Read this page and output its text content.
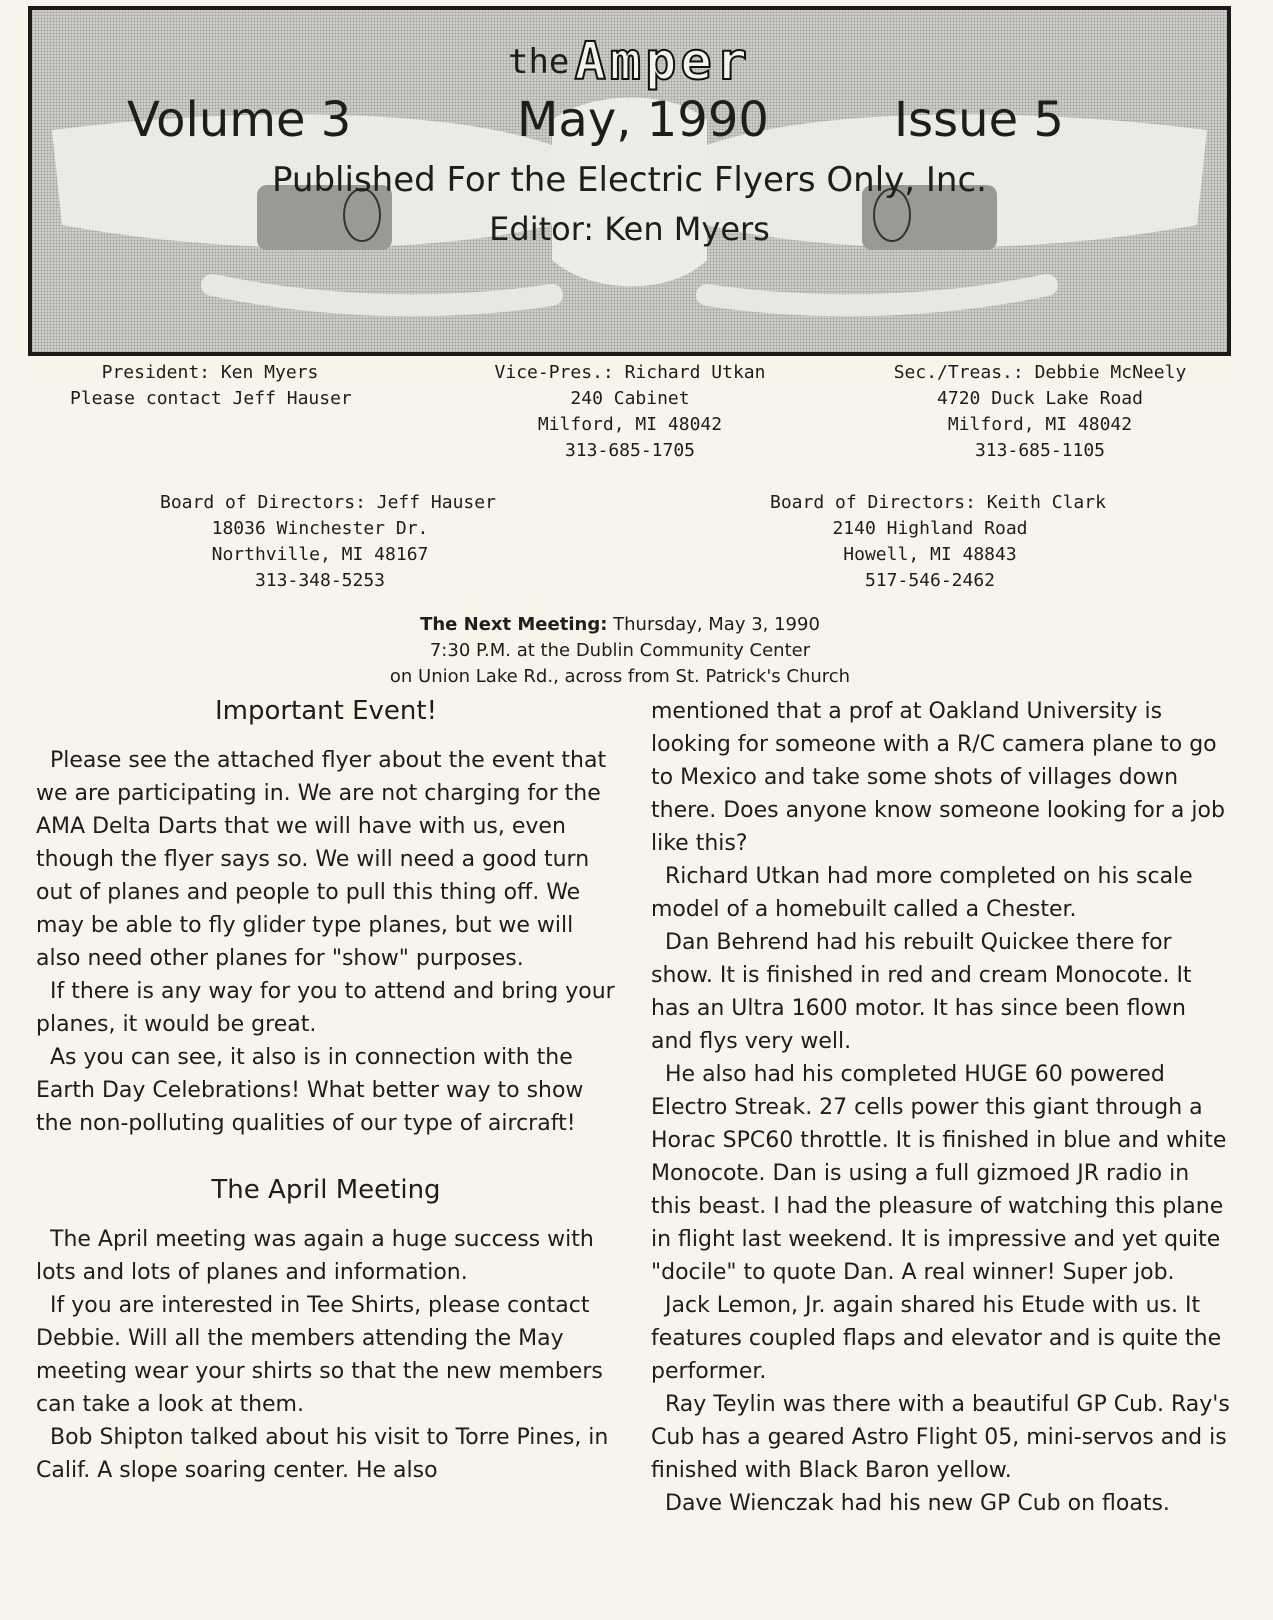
the Amper
Volume 3	May, 1990	Issue 5
Published For the Electric Flyers Only, Inc.
Editor: Ken Myers
President: Ken Myers
Please contact Jeff Hauser
Vice-Pres.: Richard Utkan
240 Cabinet
Milford, MI 48042
313-685-1705
Sec./Treas.: Debbie McNeely
4720 Duck Lake Road
Milford, MI 48042
313-685-1105
Board of Directors: Jeff Hauser
18036 Winchester Dr.
Northville, MI 48167
313-348-5253
Board of Directors: Keith Clark
2140 Highland Road
Howell, MI 48843
517-546-2462
The Next Meeting: Thursday, May 3, 1990
7:30 P.M. at the Dublin Community Center
on Union Lake Rd., across from St. Patrick's Church
Important Event!

Please see the attached flyer about the event that we are participating in. We are not charging for the AMA Delta Darts that we will have with us, even though the flyer says so. We will need a good turn out of planes and people to pull this thing off. We may be able to fly glider type planes, but we will also need other planes for "show" purposes.

If there is any way for you to attend and bring your planes, it would be great.

As you can see, it also is in connection with the Earth Day Celebrations! What better way to show the non-polluting qualities of our type of aircraft!

The April Meeting

The April meeting was again a huge success with lots and lots of planes and information.

If you are interested in Tee Shirts, please contact Debbie. Will all the members attending the May meeting wear your shirts so that the new members can take a look at them.

Bob Shipton talked about his visit to Torre Pines, in Calif. A slope soaring center. He also

mentioned that a prof at Oakland University is looking for someone with a R/C camera plane to go to Mexico and take some shots of villages down there. Does anyone know someone looking for a job like this?

Richard Utkan had more completed on his scale model of a homebuilt called a Chester.

Dan Behrend had his rebuilt Quickee there for show. It is finished in red and cream Monocote. It has an Ultra 1600 motor. It has since been flown and flys very well.

He also had his completed HUGE 60 powered Electro Streak. 27 cells power this giant through a Horac SPC60 throttle. It is finished in blue and white Monocote. Dan is using a full gizmoed JR radio in this beast. I had the pleasure of watching this plane in flight last weekend. It is impressive and yet quite "docile" to quote Dan. A real winner! Super job.

Jack Lemon, Jr. again shared his Etude with us. It features coupled flaps and elevator and is quite the performer.

Ray Teylin was there with a beautiful GP Cub. Ray's Cub has a geared Astro Flight 05, mini-servos and is finished with Black Baron yellow.

Dave Wienczak had his new GP Cub on floats.
